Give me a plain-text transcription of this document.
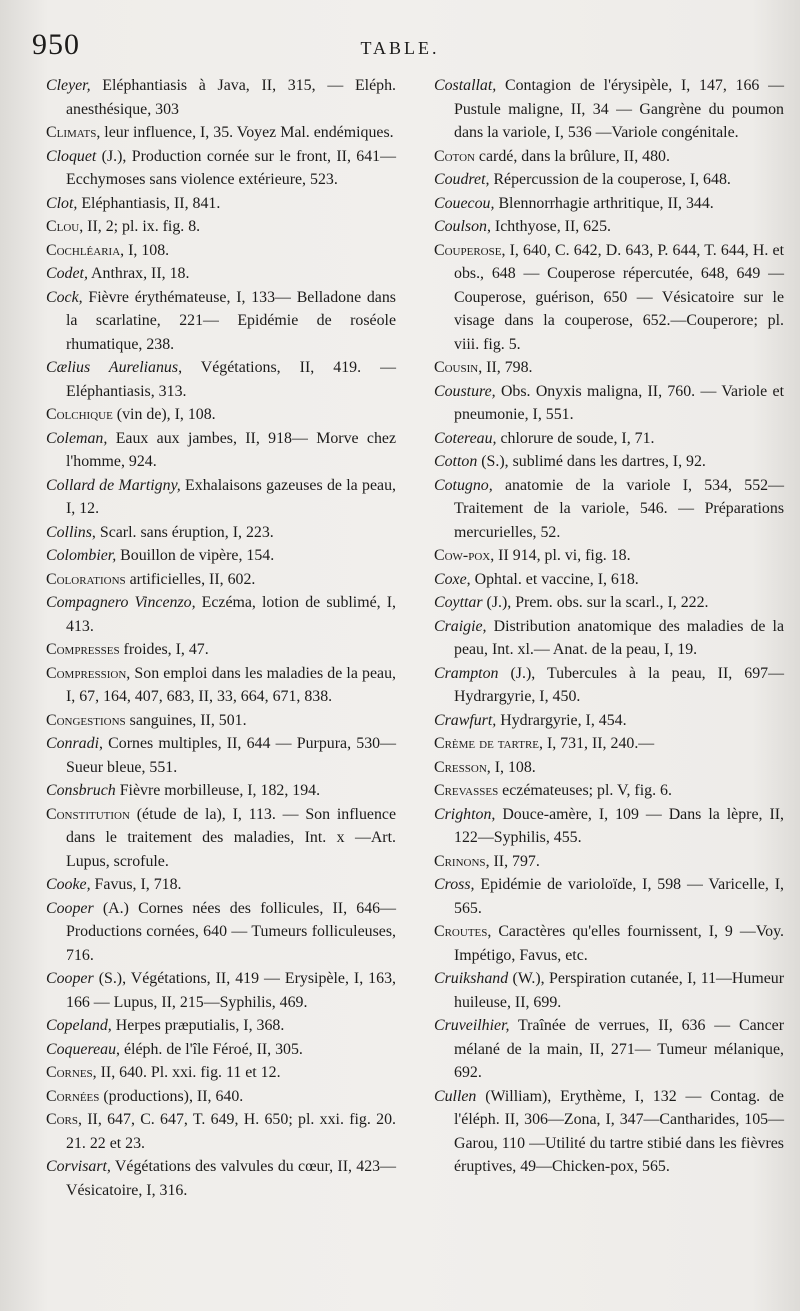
950	TABLE.

Cleyer, Eléphantiasis à Java, II, 315, — Eléph. anesthésique, 303

Climats, leur influence, I, 35. Voyez Mal. endémiques.

Cloquet (J.), Production cornée sur le front, II, 641— Ecchymoses sans violence extérieure, 523.

Clot, Eléphantiasis, II, 841.

Clou, II, 2; pl. ix. fig. 8.

Cochléaria, I, 108.

Codet, Anthrax, II, 18.

Cock, Fièvre érythémateuse, I, 133— Belladone dans la scarlatine, 221— Epidémie de roséole rhumatique, 238.

Cælius Aurelianus, Végétations, II, 419. — Eléphantiasis, 313.

Colchique (vin de), I, 108.

Coleman, Eaux aux jambes, II, 918— Morve chez l'homme, 924.

Collard de Martigny, Exhalaisons gazeuses de la peau, I, 12.

Collins, Scarl. sans éruption, I, 223.

Colombier, Bouillon de vipère, 154.

Colorations artificielles, II, 602.

Compagnero Vincenzo, Eczéma, lotion de sublimé, I, 413.

Compresses froides, I, 47.

Compression, Son emploi dans les maladies de la peau, I, 67, 164, 407, 683, II, 33, 664, 671, 838.

Congestions sanguines, II, 501.

Conradi, Cornes multiples, II, 644 — Purpura, 530— Sueur bleue, 551.

Consbruch Fièvre morbilleuse, I, 182, 194.

Constitution (étude de la), I, 113. — Son influence dans le traitement des maladies, Int. x —Art. Lupus, scrofule.

Cooke, Favus, I, 718.

Cooper (A.) Cornes nées des follicules, II, 646— Productions cornées, 640 — Tumeurs folliculeuses, 716.

Cooper (S.), Végétations, II, 419 — Erysipèle, I, 163, 166 — Lupus, II, 215—Syphilis, 469.

Copeland, Herpes præputialis, I, 368.

Coquereau, éléph. de l'île Féroé, II, 305.

Cornes, II, 640. Pl. xxi. fig. 11 et 12.

Cornées (productions), II, 640.

Cors, II, 647, C. 647, T. 649, H. 650; pl. xxi. fig. 20. 21. 22 et 23.

Corvisart, Végétations des valvules du cœur, II, 423— Vésicatoire, I, 316.

Costallat, Contagion de l'érysipèle, I, 147, 166 — Pustule maligne, II, 34 — Gangrène du poumon dans la variole, I, 536 —Variole congénitale.

Coton cardé, dans la brûlure, II, 480.

Coudret, Répercussion de la couperose, I, 648.

Couecou, Blennorrhagie arthritique, II, 344.

Coulson, Ichthyose, II, 625.

Couperose, I, 640, C. 642, D. 643, P. 644, T. 644, H. et obs., 648 — Couperose répercutée, 648, 649 — Couperose, guérison, 650 — Vésicatoire sur le visage dans la couperose, 652.—Couperore; pl. viii. fig. 5.

Cousin, II, 798.

Cousture, Obs. Onyxis maligna, II, 760. — Variole et pneumonie, I, 551.

Cotereau, chlorure de soude, I, 71.

Cotton (S.), sublimé dans les dartres, I, 92.

Cotugno, anatomie de la variole I, 534, 552—Traitement de la variole, 546. — Préparations mercurielles, 52.

Cow-pox, II 914, pl. vi, fig. 18.

Coxe, Ophtal. et vaccine, I, 618.

Coyttar (J.), Prem. obs. sur la scarl., I, 222.

Craigie, Distribution anatomique des maladies de la peau, Int. xl.— Anat. de la peau, I, 19.

Crampton (J.), Tubercules à la peau, II, 697—Hydrargyrie, I, 450.

Crawfurt, Hydrargyrie, I, 454.

Crème de tartre, I, 731, II, 240.—

Cresson, I, 108.

Crevasses eczémateuses; pl. V, fig. 6.

Crighton, Douce-amère, I, 109 — Dans la lèpre, II, 122—Syphilis, 455.

Crinons, II, 797.

Cross, Epidémie de varioloïde, I, 598 — Varicelle, I, 565.

Croutes, Caractères qu'elles fournissent, I, 9 —Voy. Impétigo, Favus, etc.

Cruikshand (W.), Perspiration cutanée, I, 11—Humeur huileuse, II, 699.

Cruveilhier, Traînée de verrues, II, 636 — Cancer mélané de la main, II, 271— Tumeur mélanique, 692.

Cullen (William), Erythème, I, 132 — Contag. de l'éléph. II, 306—Zona, I, 347—Cantharides, 105—Garou, 110 —Utilité du tartre stibié dans les fièvres éruptives, 49—Chicken-pox, 565.
